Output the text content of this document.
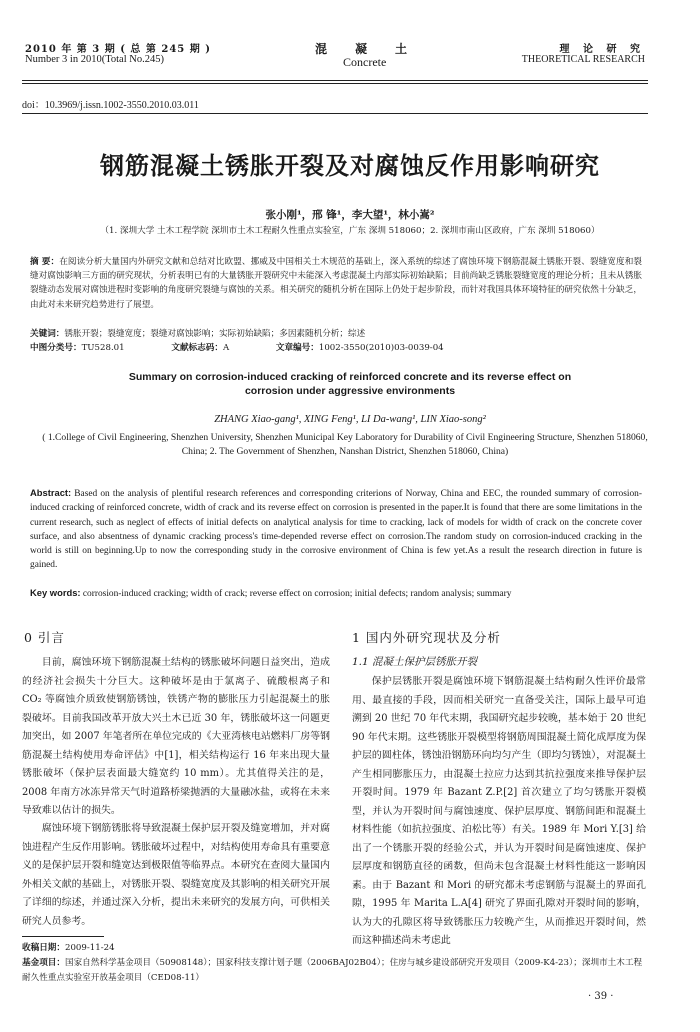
2010 年 第 3 期 ( 总 第 245 期 )
Number 3 in 2010(Total No.245)
混凝土
Concrete
理 论 研 究
THEORETICAL RESEARCH
doi：10.3969/j.issn.1002-3550.2010.03.011
钢筋混凝土锈胀开裂及对腐蚀反作用影响研究
张小刚¹，邢 锋¹，李大望¹，林小嵩²
（1. 深圳大学 土木工程学院 深圳市土木工程耐久性重点实验室，广东 深圳 518060；2. 深圳市南山区政府，广东 深圳 518060）
摘 要：在阅读分析大量国内外研究文献和总结对比欧盟、挪威及中国相关土木规范的基础上，深入系统的综述了腐蚀环境下钢筋混凝土锈胀开裂、裂缝宽度和裂缝对腐蚀影响三方面的研究现状，分析表明已有的大量锈胀开裂研究中未能深入考虑混凝土内部实际初始缺陷；目前尚缺乏锈胀裂缝宽度的理论分析；且未从锈胀裂缝动态发展对腐蚀进程时变影响的角度研究裂缝与腐蚀的关系。相关研究的随机分析在国际上仍处于起步阶段，而针对我国具体环境特征的研究依然十分缺乏，由此对未来研究趋势进行了展望。
关键词：锈胀开裂；裂缝宽度；裂缝对腐蚀影响；实际初始缺陷；多因素随机分析；综述
中图分类号：TU528.01	文献标志码：A	文章编号：1002-3550(2010)03-0039-04
Summary on corrosion-induced cracking of reinforced concrete and its reverse effect on
corrosion under aggressive environments
ZHANG Xiao-gang¹, XING Feng¹, LI Da-wang¹, LIN Xiao-song²
( 1.College of Civil Engineering, Shenzhen University, Shenzhen Municipal Key Laboratory for Durability of Civil Engineering Structure, Shenzhen 518060, China; 2. The Government of Shenzhen, Nanshan District, Shenzhen 518060, China)
Abstract: Based on the analysis of plentiful research references and corresponding criterions of Norway, China and EEC, the rounded summary of corrosion-induced cracking of reinforced concrete, width of crack and its reverse effect on corrosion is presented in the paper.It is found that there are some limitations in the current research, such as neglect of effects of initial defects on analytical analysis for time to cracking, lack of models for width of crack on the concrete cover surface, and also absentness of dynamic cracking process's time-depended reverse effect on corrosion.The random study on corrosion-induced cracking in the world is still on beginning.Up to now the corresponding study in the corrosive environment of China is few yet.As a result the research direction in future is gained.
Key words: corrosion-induced cracking; width of crack; reverse effect on corrosion; initial defects; random analysis; summary
0 引言
目前，腐蚀环境下钢筋混凝土结构的锈胀破坏问题日益突出，造成的经济社会损失十分巨大。这种破坏是由于氯离子、硫酸根离子和 CO₂ 等腐蚀介质致使钢筋锈蚀，铁锈产物的膨胀压力引起混凝土的胀裂破坏。目前我国改革开放大兴土木已近 30 年，锈胀破坏这一问题更加突出，如 2007 年笔者所在单位完成的《大亚湾核电站燃料厂房等钢筋混凝土结构使用寿命评估》中[1]，相关结构运行 16 年来出现大量锈胀破坏（保护层表面最大缝宽约 10 mm）。尤其值得关注的是，2008 年南方冰冻异常天气时道路桥梁抛洒的大量融冰盐，或将在未来导致难以估计的损失。
腐蚀环境下钢筋锈胀将导致混凝土保护层开裂及缝宽增加，并对腐蚀进程产生反作用影响。锈胀破坏过程中，对结构使用寿命具有重要意义的是保护层开裂和缝宽达到极限值等临界点。本研究在查阅大量国内外相关文献的基础上，对锈胀开裂、裂缝宽度及其影响的相关研究开展了详细的综述，并通过深入分析，提出未来研究的发展方向，可供相关研究人员参考。
1 国内外研究现状及分析
1.1 混凝土保护层锈胀开裂
保护层锈胀开裂是腐蚀环境下钢筋混凝土结构耐久性评价最常用、最直接的手段，因而相关研究一直备受关注，国际上最早可追溯到 20 世纪 70 年代末期，我国研究起步较晚，基本始于 20 世纪 90 年代末期。这些锈胀开裂模型将钢筋周围混凝土简化成厚度为保护层的圆柱体，锈蚀沿钢筋环向均匀产生（即均匀锈蚀），对混凝土产生相同膨胀压力，由混凝土拉应力达到其抗拉强度来推导保护层开裂时间。1979 年 Bazant Z.P.[2] 首次建立了均匀锈胀开裂模型，并认为开裂时间与腐蚀速度、保护层厚度、钢筋间距和混凝土材料性能（如抗拉强度、泊松比等）有关。1989 年 Mori Y.[3] 给出了一个锈胀开裂的经验公式，并认为开裂时间是腐蚀速度、保护层厚度和钢筋直径的函数，但尚未包含混凝土材料性能这一影响因素。由于 Bazant 和 Mori 的研究都未考虑钢筋与混凝土的界面孔隙，1995 年 Marita L.A[4] 研究了界面孔隙对开裂时间的影响，认为大的孔隙区将导致锈胀压力较晚产生，从而推迟开裂时间，然而这种描述尚未考虑此
收稿日期：2009-11-24
基金项目：国家自然科学基金项目（50908148）；国家科技支撑计划子题（2006BAJ02B04）；住房与城乡建设部研究开发项目（2009-K4-23）；深圳市土木工程耐久性重点实验室开放基金项目（CED08-11）
· 39 ·
